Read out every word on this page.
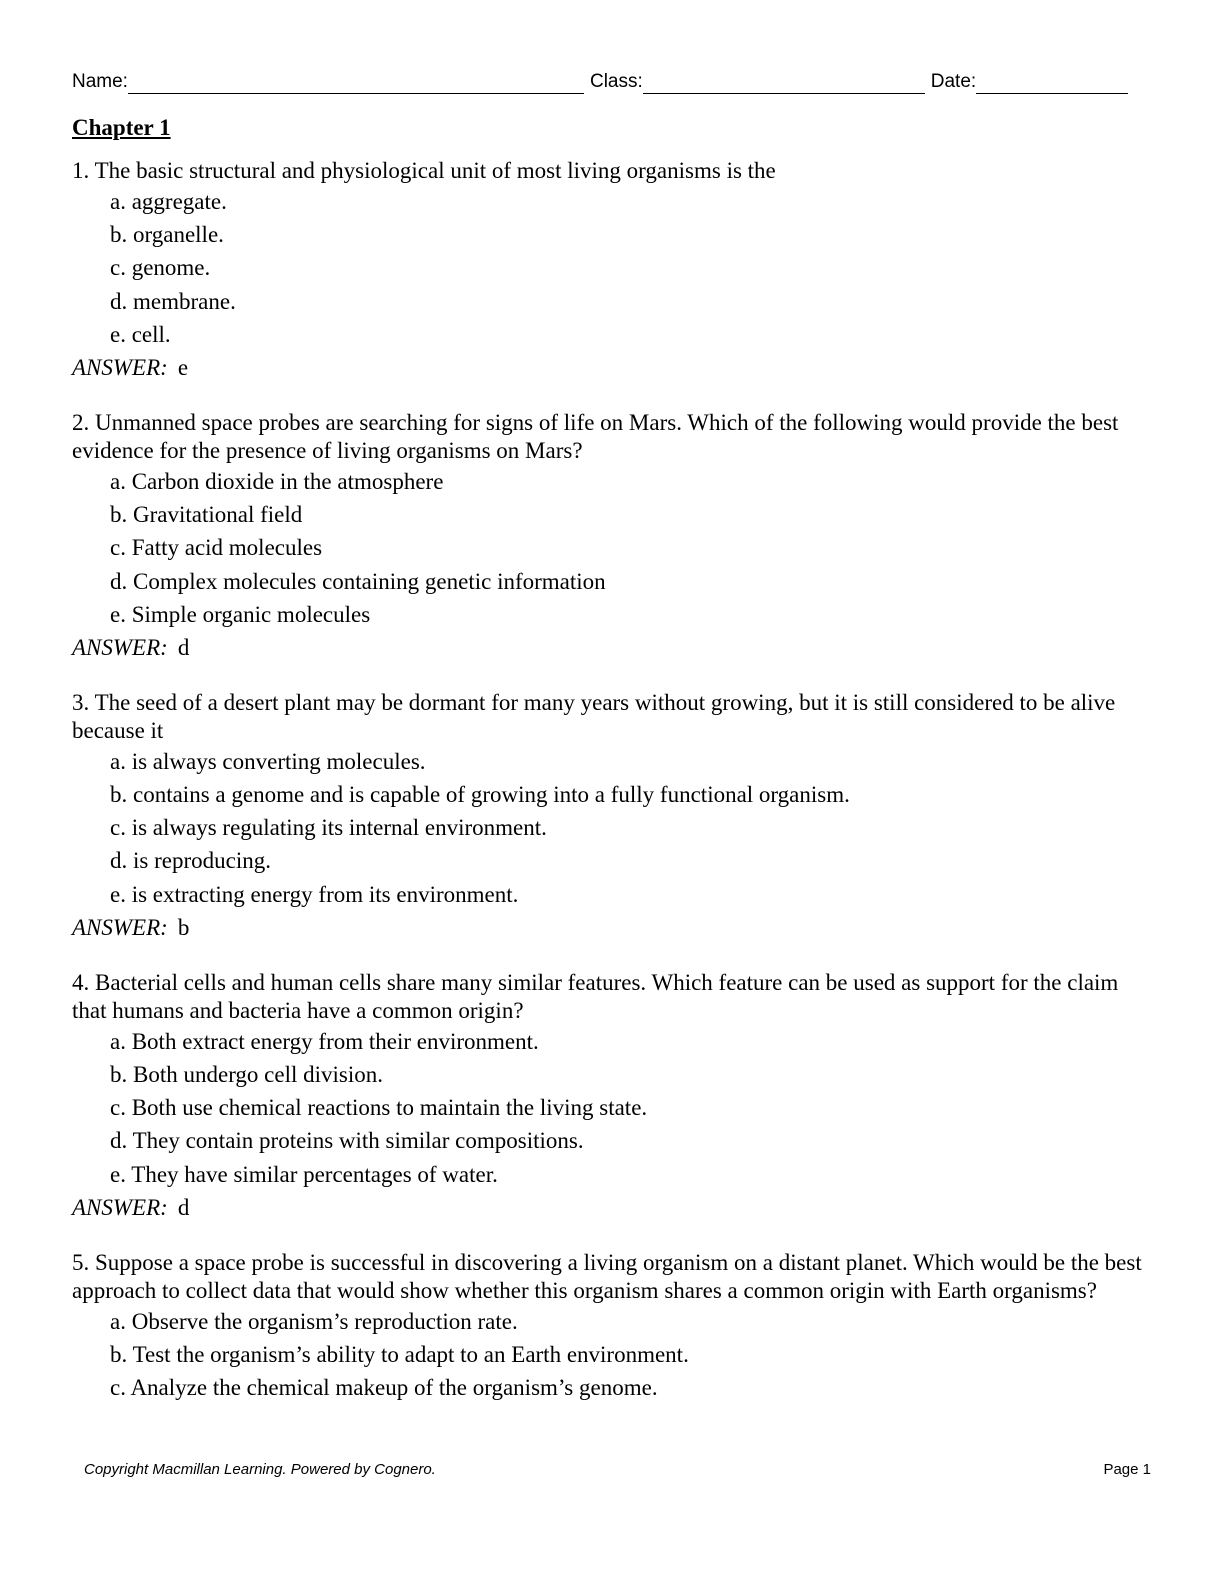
Name:	Class:	Date:
Chapter 1

1. The basic structural and physiological unit of most living organisms is the

a. aggregate.
b. organelle.
c. genome.
d. membrane.
e. cell.
ANSWER: e

2. Unmanned space probes are searching for signs of life on Mars. Which of the following would provide the best evidence for the presence of living organisms on Mars?

a. Carbon dioxide in the atmosphere
b. Gravitational field
c. Fatty acid molecules
d. Complex molecules containing genetic information
e. Simple organic molecules
ANSWER: d

3. The seed of a desert plant may be dormant for many years without growing, but it is still considered to be alive because it

a. is always converting molecules.
b. contains a genome and is capable of growing into a fully functional organism.
c. is always regulating its internal environment.
d. is reproducing.
e. is extracting energy from its environment.
ANSWER: b

4. Bacterial cells and human cells share many similar features. Which feature can be used as support for the claim that humans and bacteria have a common origin?

a. Both extract energy from their environment.
b. Both undergo cell division.
c. Both use chemical reactions to maintain the living state.
d. They contain proteins with similar compositions.
e. They have similar percentages of water.
ANSWER: d

5. Suppose a space probe is successful in discovering a living organism on a distant planet. Which would be the best approach to collect data that would show whether this organism shares a common origin with Earth organisms?

a. Observe the organism’s reproduction rate.
b. Test the organism’s ability to adapt to an Earth environment.
c. Analyze the chemical makeup of the organism’s genome.
Copyright Macmillan Learning. Powered by Cognero.	Page 1
